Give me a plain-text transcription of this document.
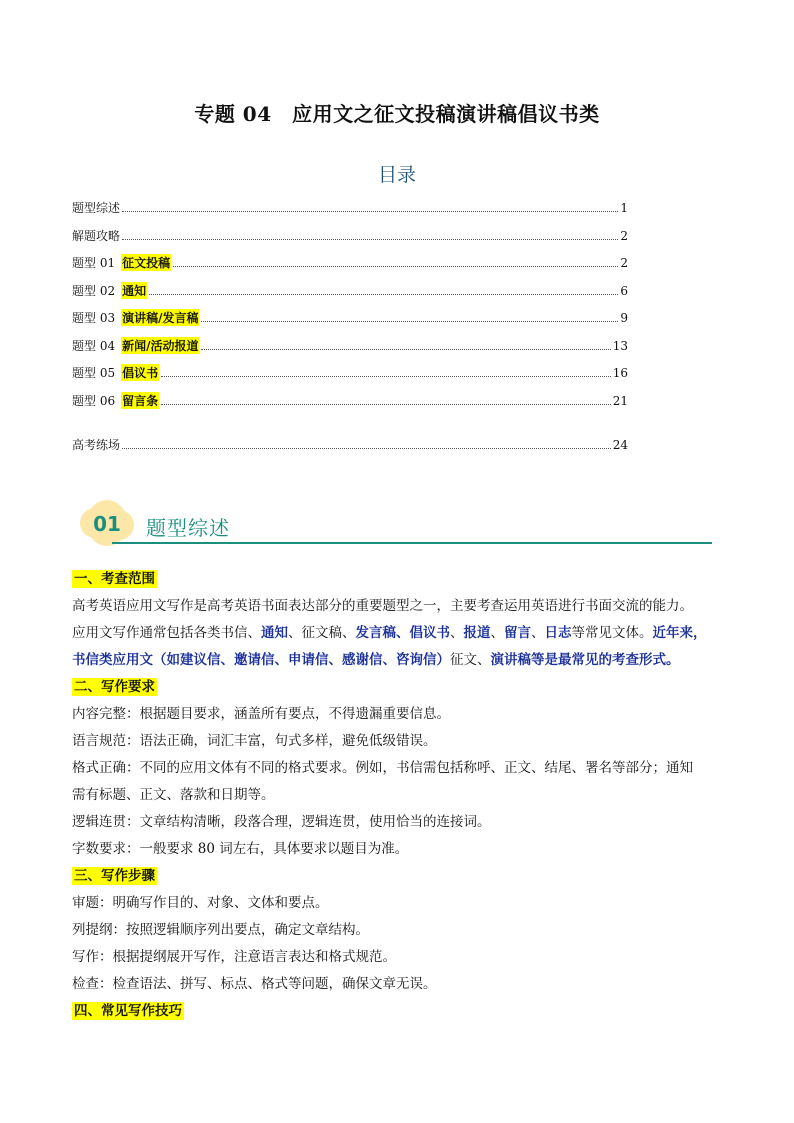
专题 04　应用文之征文投稿演讲稿倡议书类
目录
题型综述	1
解题攻略	2
题型 01 征文投稿	2
题型 02 通知	6
题型 03 演讲稿/发言稿	9
题型 04 新闻/活动报道	13
题型 05 倡议书	16
题型 06 留言条	21
高考练场	24
01	题型综述
一、考查范围
高考英语应用文写作是高考英语书面表达部分的重要题型之一，主要考查运用英语进行书面交流的能力。
应用文写作通常包括各类书信、通知、征文稿、发言稿、倡议书、报道、留言、日志等常见文体。近年来，
书信类应用文（如建议信、邀请信、申请信、感谢信、咨询信）征文、演讲稿等是最常见的考查形式。
二、写作要求
内容完整：根据题目要求，涵盖所有要点，不得遗漏重要信息。
语言规范：语法正确，词汇丰富，句式多样，避免低级错误。
格式正确：不同的应用文体有不同的格式要求。例如，书信需包括称呼、正文、结尾、署名等部分；通知
需有标题、正文、落款和日期等。
逻辑连贯：文章结构清晰，段落合理，逻辑连贯，使用恰当的连接词。
字数要求：一般要求 80 词左右，具体要求以题目为准。
三、写作步骤
审题：明确写作目的、对象、文体和要点。
列提纲：按照逻辑顺序列出要点，确定文章结构。
写作：根据提纲展开写作，注意语言表达和格式规范。
检查：检查语法、拼写、标点、格式等问题，确保文章无误。
四、常见写作技巧
